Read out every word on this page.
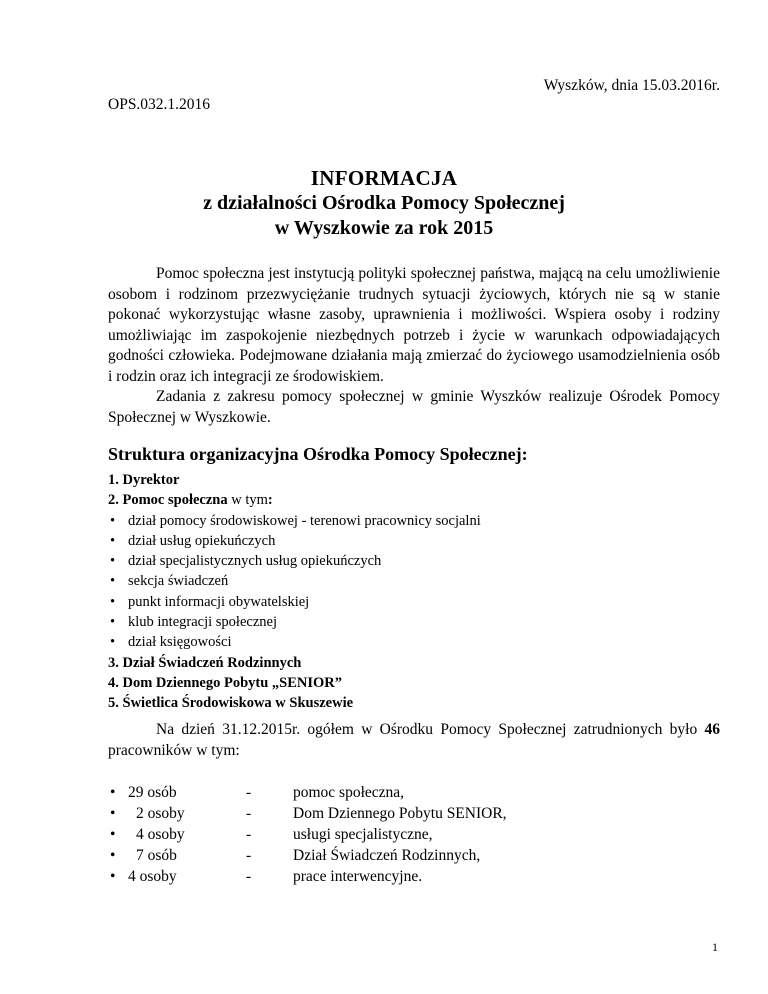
Wyszków, dnia 15.03.2016r.
OPS.032.1.2016
INFORMACJA
z działalności Ośrodka Pomocy Społecznej
w Wyszkowie za rok 2015

Pomoc społeczna jest instytucją polityki społecznej państwa, mającą na celu umożliwienie osobom i rodzinom przezwyciężanie trudnych sytuacji życiowych, których nie są w stanie pokonać wykorzystując własne zasoby, uprawnienia i możliwości. Wspiera osoby i rodziny umożliwiając im zaspokojenie niezbędnych potrzeb i życie w warunkach odpowiadających godności człowieka. Podejmowane działania mają zmierzać do życiowego usamodzielnienia osób i rodzin oraz ich integracji ze środowiskiem.

Zadania z zakresu pomocy społecznej w gminie Wyszków realizuje Ośrodek Pomocy Społecznej w Wyszkowie.

Struktura organizacyjna Ośrodka Pomocy Społecznej:
1. Dyrektor
2. Pomoc społeczna w tym:
• dział pomocy środowiskowej - terenowi pracownicy socjalni
• dział usług opiekuńczych
• dział specjalistycznych usług opiekuńczych
• sekcja świadczeń
• punkt informacji obywatelskiej
• klub integracji społecznej
• dział księgowości
3. Dział Świadczeń Rodzinnych
4. Dom Dziennego Pobytu „SENIOR”
5. Świetlica Środowiskowa w Skuszewie
Na dzień 31.12.2015r. ogółem w Ośrodku Pomocy Społecznej zatrudnionych było 46 pracowników w tym:
• 29 osób	-	pomoc społeczna,
•	2 osoby	-	Dom Dziennego Pobytu SENIOR,
•	4 osoby	-	usługi specjalistyczne,
•	7 osób	-	Dział Świadczeń Rodzinnych,
• 4 osoby	-	prace interwencyjne.
1
